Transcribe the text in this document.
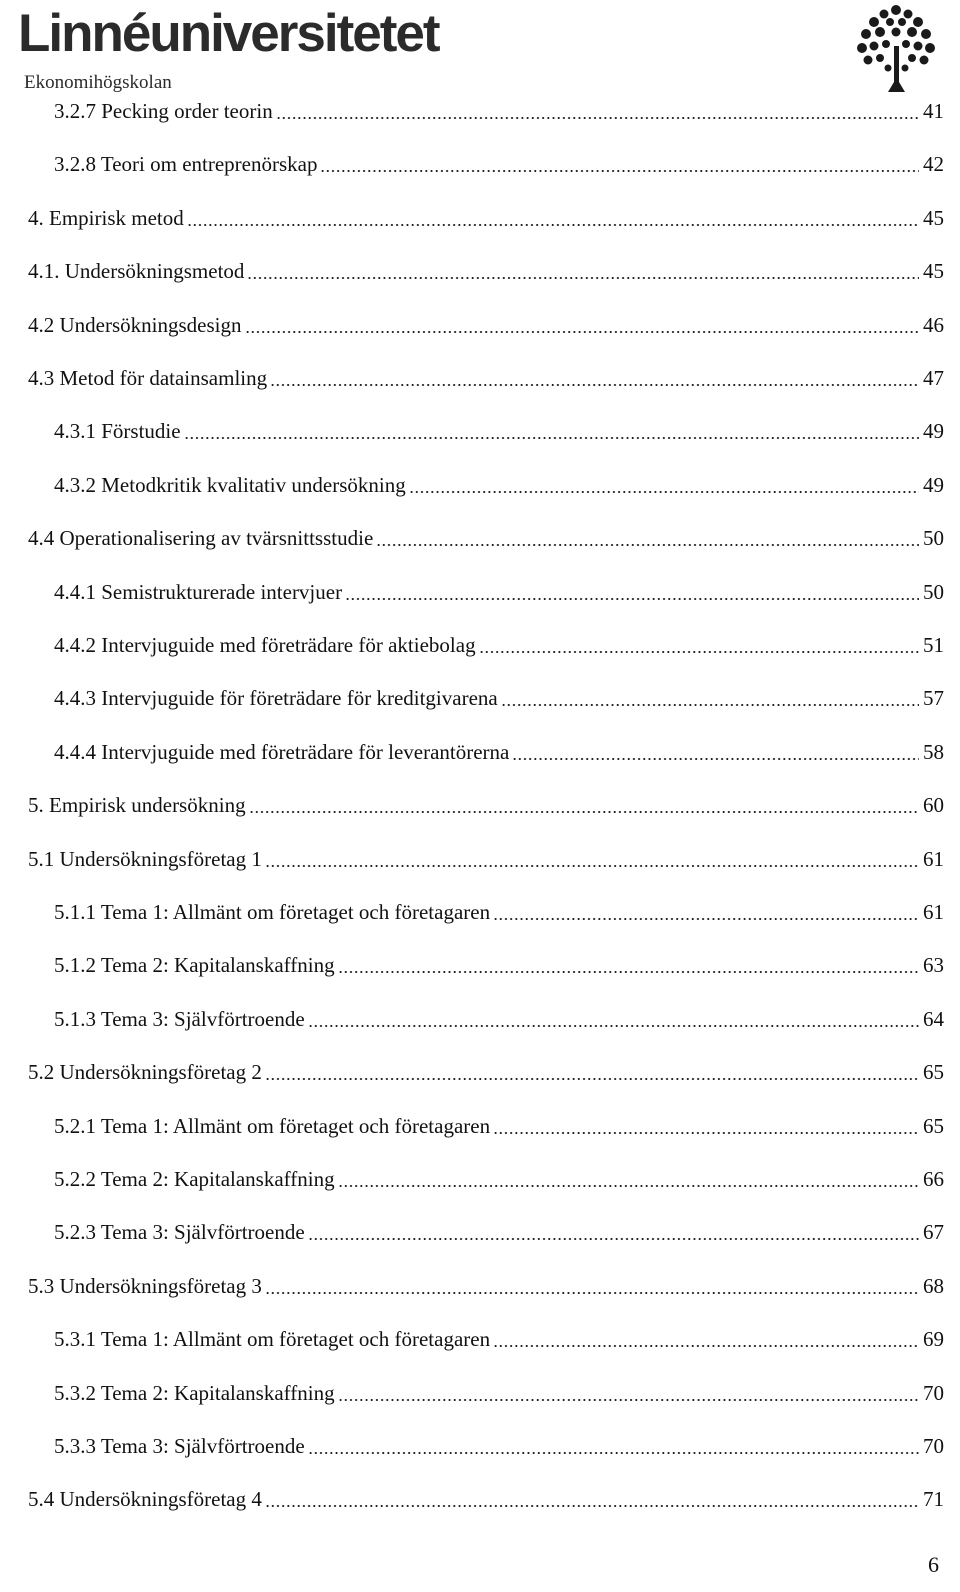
Linnéuniversitetet
Ekonomihögskolan
3.2.7 Pecking order teorin	41
3.2.8 Teori om entreprenörskap	42
4. Empirisk metod	45
4.1. Undersökningsmetod	45
4.2 Undersökningsdesign	46
4.3 Metod för datainsamling	47
4.3.1 Förstudie	49
4.3.2 Metodkritik kvalitativ undersökning	49
4.4 Operationalisering av tvärsnittsstudie	50
4.4.1 Semistrukturerade intervjuer	50
4.4.2 Intervjuguide med företrädare för aktiebolag	51
4.4.3 Intervjuguide för företrädare för kreditgivarena	57
4.4.4 Intervjuguide med företrädare för leverantörerna	58
5. Empirisk undersökning	60
5.1 Undersökningsföretag 1	61
5.1.1 Tema 1: Allmänt om företaget och företagaren	61
5.1.2 Tema 2: Kapitalanskaffning	63
5.1.3 Tema 3: Självförtroende	64
5.2 Undersökningsföretag 2	65
5.2.1 Tema 1: Allmänt om företaget och företagaren	65
5.2.2 Tema 2: Kapitalanskaffning	66
5.2.3 Tema 3: Självförtroende	67
5.3 Undersökningsföretag 3	68
5.3.1 Tema 1: Allmänt om företaget och företagaren	69
5.3.2 Tema 2: Kapitalanskaffning	70
5.3.3 Tema 3: Självförtroende	70
5.4 Undersökningsföretag 4	71
6
